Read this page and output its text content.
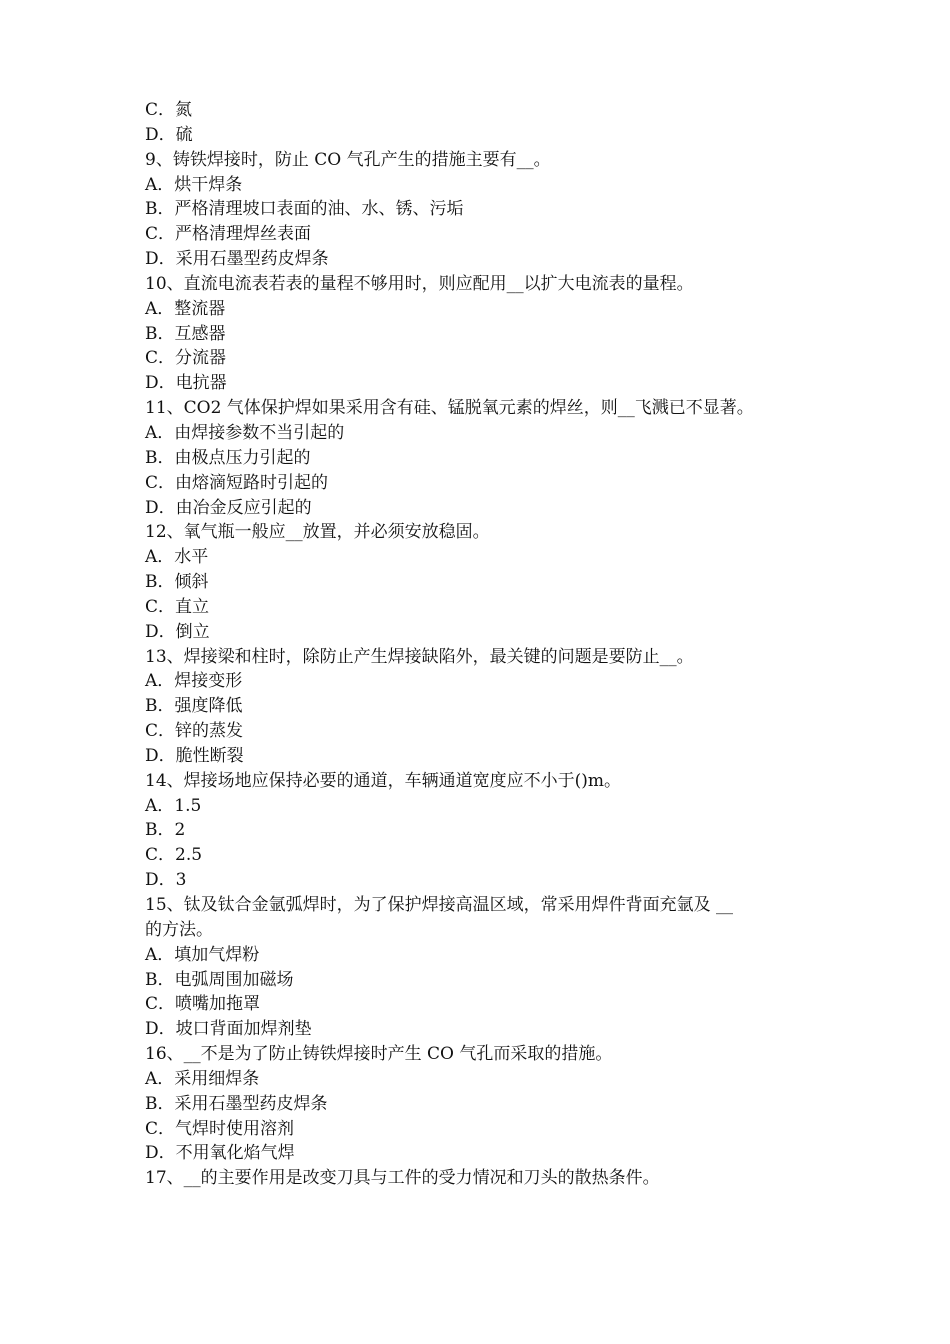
C．氮
D．硫
9、铸铁焊接时，防止 CO 气孔产生的措施主要有__。
A．烘干焊条
B．严格清理坡口表面的油、水、锈、污垢
C．严格清理焊丝表面
D．采用石墨型药皮焊条
10、直流电流表若表的量程不够用时，则应配用__以扩大电流表的量程。
A．整流器
B．互感器
C．分流器
D．电抗器
11、CO2 气体保护焊如果采用含有硅、锰脱氧元素的焊丝，则__飞溅已不显著。
A．由焊接参数不当引起的
B．由极点压力引起的
C．由熔滴短路时引起的
D．由冶金反应引起的
12、氧气瓶一般应__放置，并必须安放稳固。
A．水平
B．倾斜
C．直立
D．倒立
13、焊接梁和柱时，除防止产生焊接缺陷外，最关键的问题是要防止__。
A．焊接变形
B．强度降低
C．锌的蒸发
D．脆性断裂
14、焊接场地应保持必要的通道，车辆通道宽度应不小于()m。
A．1.5
B．2
C．2.5
D．3
15、钛及钛合金氩弧焊时，为了保护焊接高温区域，常采用焊件背面充氩及 __
的方法。
A．填加气焊粉
B．电弧周围加磁场
C．喷嘴加拖罩
D．坡口背面加焊剂垫
16、__不是为了防止铸铁焊接时产生 CO 气孔而采取的措施。
A．采用细焊条
B．采用石墨型药皮焊条
C．气焊时使用溶剂
D．不用氧化焰气焊
17、__的主要作用是改变刀具与工件的受力情况和刀头的散热条件。
